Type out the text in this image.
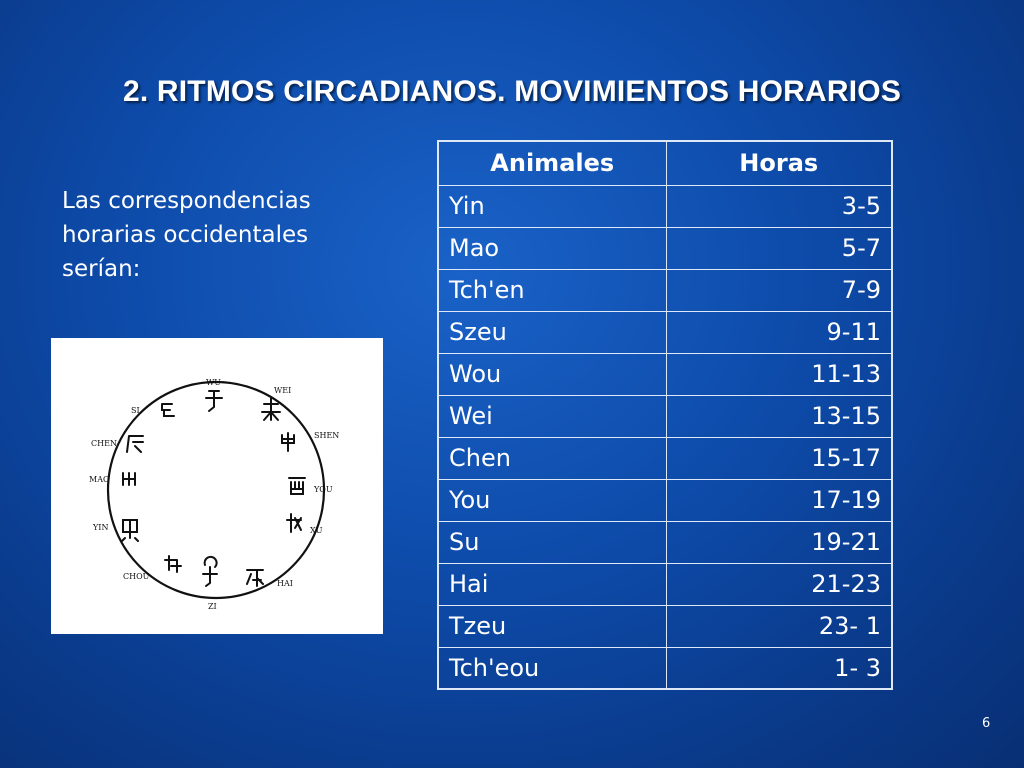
2. RITMOS CIRCADIANOS. MOVIMIENTOS HORARIOS
Las correspondencias horarias occidentales serían:
WU
WEI
SHEN
YOU
XU
HAI
ZI
CHOU
YIN
MAO
CHEN
SI
Animales	Horas
Yin	3-5
Mao	5-7
Tch'en	7-9
Szeu	9-11
Wou	11-13
Wei	13-15
Chen	15-17
You	17-19
Su	19-21
Hai	21-23
Tzeu	23- 1
Tch'eou	1- 3
6
